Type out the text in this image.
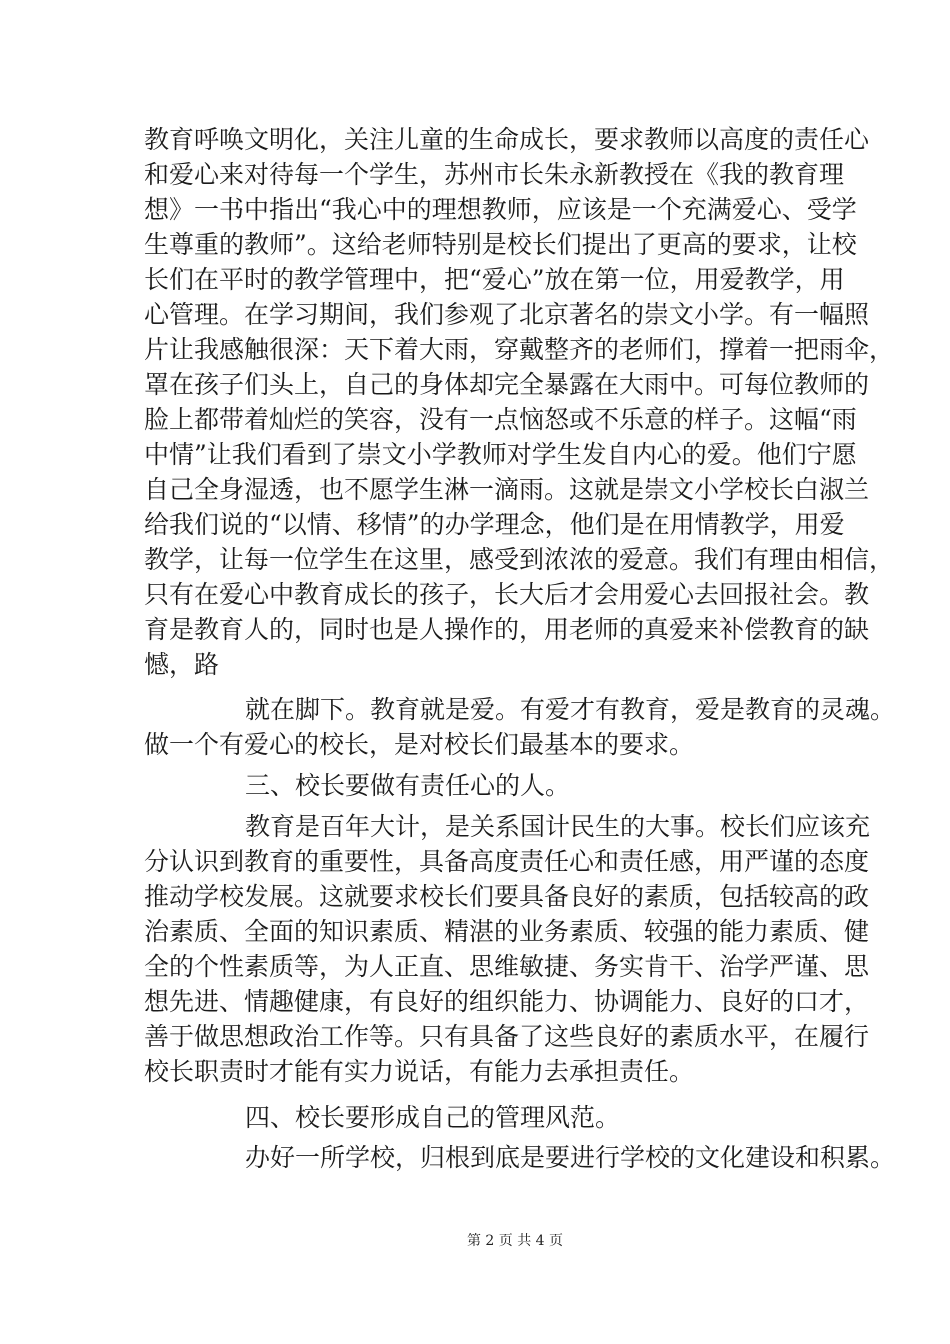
教育呼唤文明化，关注儿童的生命成长，要求教师以高度的责任心
和爱心来对待每一个学生，苏州市长朱永新教授在《我的教育理
想》一书中指出“我心中的理想教师，应该是一个充满爱心、受学
生尊重的教师”。这给老师特别是校长们提出了更高的要求，让校
长们在平时的教学管理中，把“爱心”放在第一位，用爱教学，用
心管理。在学习期间，我们参观了北京著名的崇文小学。有一幅照
片让我感触很深：天下着大雨，穿戴整齐的老师们，撑着一把雨伞，
罩在孩子们头上，自己的身体却完全暴露在大雨中。可每位教师的
脸上都带着灿烂的笑容，没有一点恼怒或不乐意的样子。这幅“雨
中情”让我们看到了崇文小学教师对学生发自内心的爱。他们宁愿
自己全身湿透，也不愿学生淋一滴雨。这就是崇文小学校长白淑兰
给我们说的“以情、移情”的办学理念，他们是在用情教学，用爱
教学，让每一位学生在这里，感受到浓浓的爱意。我们有理由相信，
只有在爱心中教育成长的孩子，长大后才会用爱心去回报社会。教
育是教育人的，同时也是人操作的，用老师的真爱来补偿教育的缺
憾，路
就在脚下。教育就是爱。有爱才有教育，爱是教育的灵魂。
做一个有爱心的校长，是对校长们最基本的要求。
三、校长要做有责任心的人。
教育是百年大计，是关系国计民生的大事。校长们应该充
分认识到教育的重要性，具备高度责任心和责任感，用严谨的态度
推动学校发展。这就要求校长们要具备良好的素质，包括较高的政
治素质、全面的知识素质、精湛的业务素质、较强的能力素质、健
全的个性素质等，为人正直、思维敏捷、务实肯干、治学严谨、思
想先进、情趣健康，有良好的组织能力、协调能力、良好的口才，
善于做思想政治工作等。只有具备了这些良好的素质水平，在履行
校长职责时才能有实力说话，有能力去承担责任。
四、校长要形成自己的管理风范。
办好一所学校，归根到底是要进行学校的文化建设和积累。
第 2 页 共 4 页
